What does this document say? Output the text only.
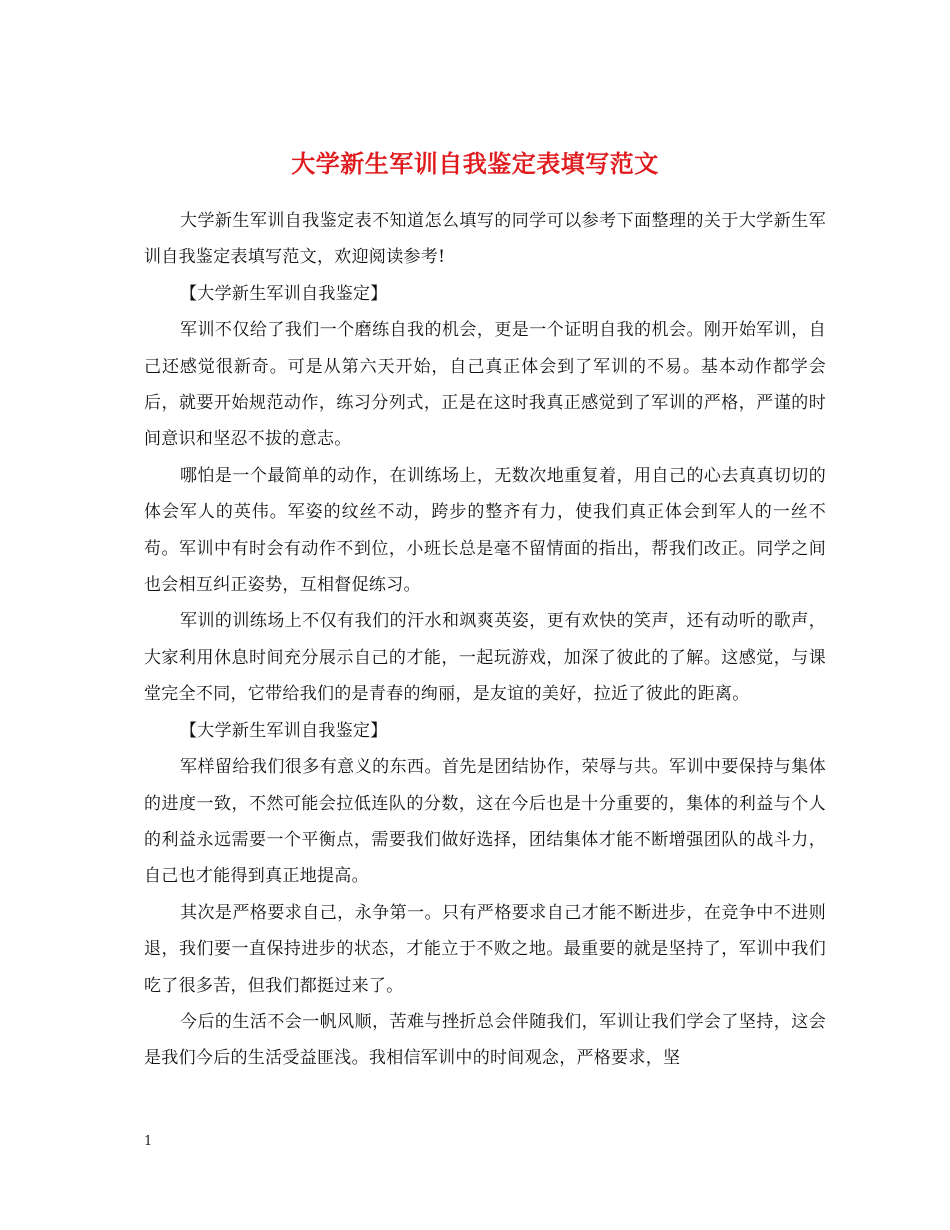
大学新生军训自我鉴定表填写范文

大学新生军训自我鉴定表不知道怎么填写的同学可以参考下面整理的关于大学新生军训自我鉴定表填写范文，欢迎阅读参考!

【大学新生军训自我鉴定】

军训不仅给了我们一个磨练自我的机会，更是一个证明自我的机会。刚开始军训，自己还感觉很新奇。可是从第六天开始，自己真正体会到了军训的不易。基本动作都学会后，就要开始规范动作，练习分列式，正是在这时我真正感觉到了军训的严格，严谨的时间意识和坚忍不拔的意志。

哪怕是一个最简单的动作，在训练场上，无数次地重复着，用自己的心去真真切切的体会军人的英伟。军姿的纹丝不动，跨步的整齐有力，使我们真正体会到军人的一丝不苟。军训中有时会有动作不到位，小班长总是毫不留情面的指出，帮我们改正。同学之间也会相互纠正姿势，互相督促练习。

军训的训练场上不仅有我们的汗水和飒爽英姿，更有欢快的笑声，还有动听的歌声，大家利用休息时间充分展示自己的才能，一起玩游戏，加深了彼此的了解。这感觉，与课堂完全不同，它带给我们的是青春的绚丽，是友谊的美好，拉近了彼此的距离。

【大学新生军训自我鉴定】

军样留给我们很多有意义的东西。首先是团结协作，荣辱与共。军训中要保持与集体的进度一致，不然可能会拉低连队的分数，这在今后也是十分重要的，集体的利益与个人的利益永远需要一个平衡点，需要我们做好选择，团结集体才能不断增强团队的战斗力，自己也才能得到真正地提高。

其次是严格要求自己，永争第一。只有严格要求自己才能不断进步，在竞争中不进则退，我们要一直保持进步的状态，才能立于不败之地。最重要的就是坚持了，军训中我们吃了很多苦，但我们都挺过来了。

今后的生活不会一帆风顺，苦难与挫折总会伴随我们，军训让我们学会了坚持，这会是我们今后的生活受益匪浅。我相信军训中的时间观念，严格要求，坚

1
